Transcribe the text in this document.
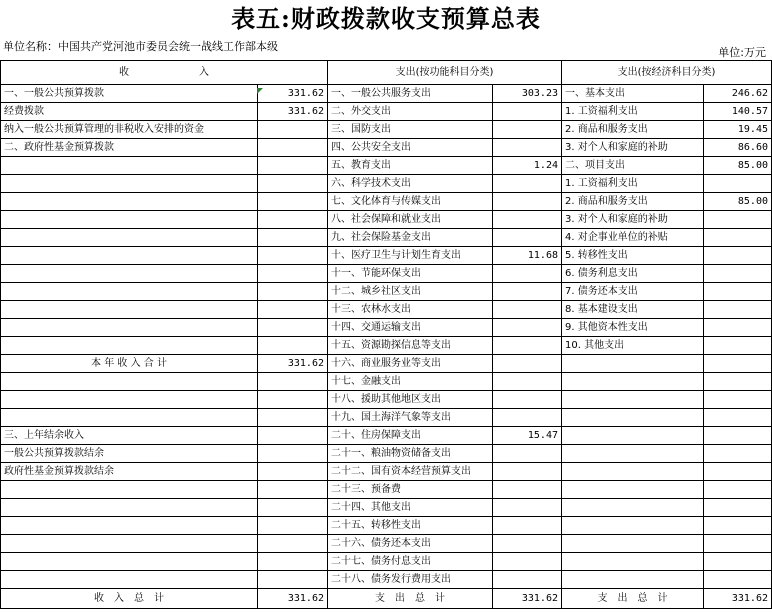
表五:财政拨款收支预算总表
单位名称：中国共产党河池市委员会统一战线工作部本级	单位:万元
收　　　　　　　入		支出(按功能科目分类)		支出(按经济科目分类)	
一、一般公共预算拨款	331.62	一、一般公共服务支出	303.23	一、基本支出	246.62
经费拨款	331.62	二、外交支出		1. 工资福利支出	140.57
纳入一般公共预算管理的非税收入安排的资金		三、国防支出		2. 商品和服务支出	19.45
二、政府性基金预算拨款		四、公共安全支出		3. 对个人和家庭的补助	86.60
		五、教育支出	1.24	二、项目支出	85.00
		六、科学技术支出		1. 工资福利支出	
		七、文化体育与传媒支出		2. 商品和服务支出	85.00
		八、社会保障和就业支出		3. 对个人和家庭的补助	
		九、社会保险基金支出		4. 对企事业单位的补贴	
		十、医疗卫生与计划生育支出	11.68	5. 转移性支出	
		十一、节能环保支出		6. 债务利息支出	
		十二、城乡社区支出		7. 债务还本支出	
		十三、农林水支出		8. 基本建设支出	
		十四、交通运输支出		9. 其他资本性支出	
		十五、资源勘探信息等支出		10. 其他支出	
本 年 收 入 合 计	331.62	十六、商业服务业等支出			
		十七、金融支出			
		十八、援助其他地区支出			
		十九、国土海洋气象等支出			
三、上年结余收入		二十、住房保障支出	15.47		
一般公共预算拨款结余		二十一、粮油物资储备支出			
政府性基金预算拨款结余		二十二、国有资本经营预算支出			
		二十三、预备费			
		二十四、其他支出			
		二十五、转移性支出			
		二十六、债务还本支出			
		二十七、债务付息支出			
		二十八、债务发行费用支出			
收　入　总　计	331.62	支　出　总　计	331.62	支　出　总　计	331.62
